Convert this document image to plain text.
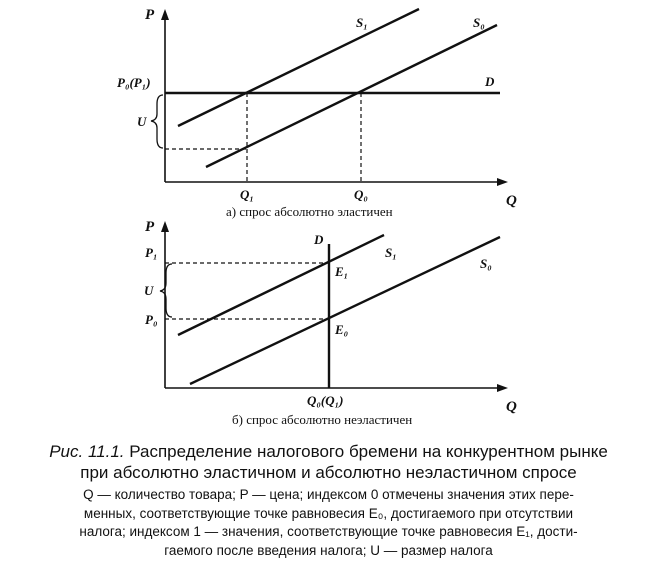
P
Q
P₀(P₁)
U
Q₁	Q₀
S₁	S₀
D
а) спрос абсолютно эластичен
P
Q
P₁
U
P₀
D
S₁
S₀
E₁
E₀
Q₀(Q₁)
б) спрос абсолютно неэластичен
Рис. 11.1. Распределение налогового бремени на конкурентном рынке
при абсолютно эластичном и абсолютно неэластичном спросе
Q — количество товара; P — цена; индексом 0 отмечены значения этих пере-
менных, соответствующие точке равновесия E₀, достигаемого при отсутствии
налога; индексом 1 — значения, соответствующие точке равновесия E₁, дости-
гаемого после введения налога; U — размер налога
